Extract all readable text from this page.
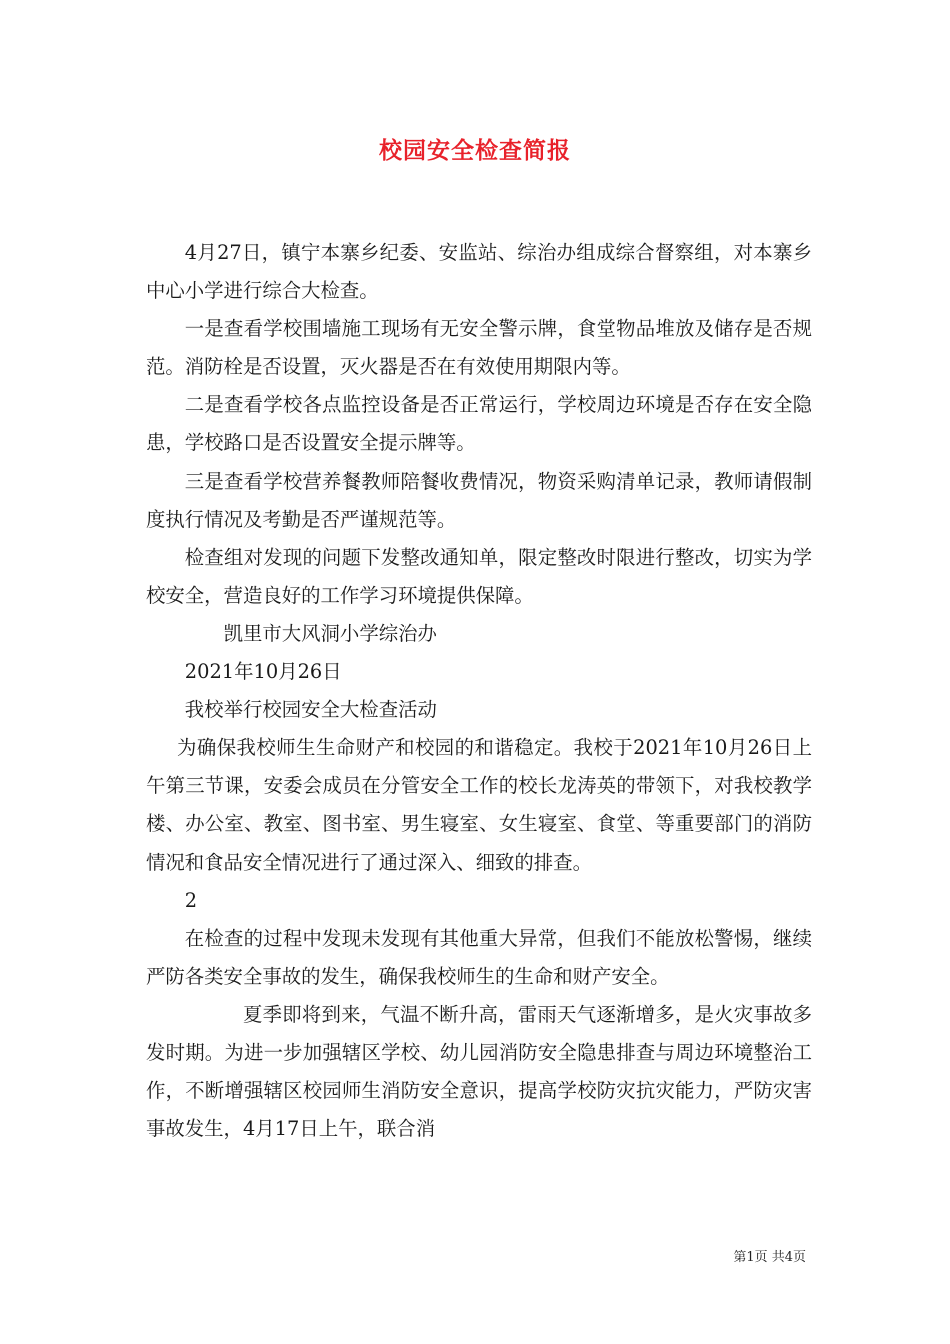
校园安全检查简报

4月27日，镇宁本寨乡纪委、安监站、综治办组成综合督察组，对本寨乡中心小学进行综合大检查。

一是查看学校围墙施工现场有无安全警示牌，食堂物品堆放及储存是否规范。消防栓是否设置，灭火器是否在有效使用期限内等。

二是查看学校各点监控设备是否正常运行，学校周边环境是否存在安全隐患，学校路口是否设置安全提示牌等。

三是查看学校营养餐教师陪餐收费情况，物资采购清单记录，教师请假制度执行情况及考勤是否严谨规范等。

检查组对发现的问题下发整改通知单，限定整改时限进行整改，切实为学校安全，营造良好的工作学习环境提供保障。

凯里市大风洞小学综治办

2021年10月26日

我校举行校园安全大检查活动

为确保我校师生生命财产和校园的和谐稳定。我校于2021年10月26日上午第三节课，安委会成员在分管安全工作的校长龙涛英的带领下，对我校教学楼、办公室、教室、图书室、男生寝室、女生寝室、食堂、等重要部门的消防情况和食品安全情况进行了通过深入、细致的排查。

2

在检查的过程中发现未发现有其他重大异常，但我们不能放松警惕，继续严防各类安全事故的发生，确保我校师生的生命和财产安全。

夏季即将到来，气温不断升高，雷雨天气逐渐增多，是火灾事故多发时期。为进一步加强辖区学校、幼儿园消防安全隐患排查与周边环境整治工作，不断增强辖区校园师生消防安全意识，提高学校防灾抗灾能力，严防灾害事故发生，4月17日上午，联合消

第1页 共4页
